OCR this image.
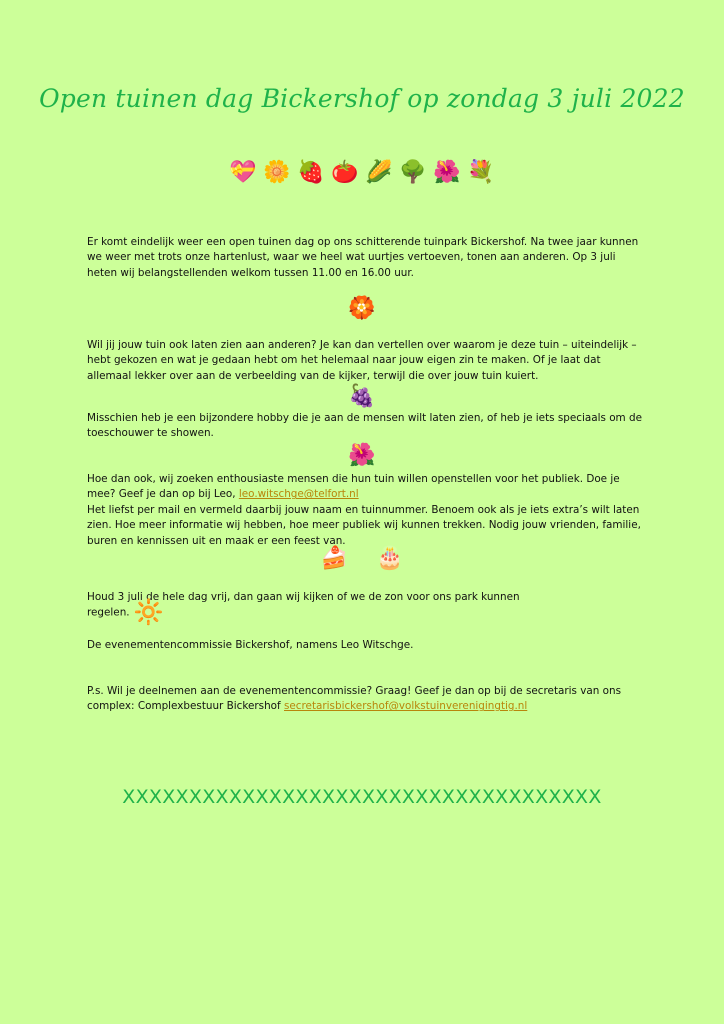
Open tuinen dag Bickershof op zondag 3 juli 2022
💝 🌼 🍓 🍅 🌽 🌳 🌺 💐
Er komt eindelijk weer een open tuinen dag op ons schitterende tuinpark Bickershof. Na twee jaar kunnen we weer met trots onze hartenlust, waar we heel wat uurtjes vertoeven, tonen aan anderen. Op 3 juli heten wij belangstellenden welkom tussen 11.00 en 16.00 uur.
🏵️
Wil jij jouw tuin ook laten zien aan anderen? Je kan dan vertellen over waarom je deze tuin – uiteindelijk – hebt gekozen en wat je gedaan hebt om het helemaal naar jouw eigen zin te maken. Of je laat dat allemaal lekker over aan de verbeelding van de kijker, terwijl die over jouw tuin kuiert.
🍇
Misschien heb je een bijzondere hobby die je aan de mensen wilt laten zien, of heb je iets speciaals om de toeschouwer te showen.
🌺
Hoe dan ook, wij zoeken enthousiaste mensen die hun tuin willen openstellen voor het publiek. Doe je mee? Geef je dan op bij Leo, leo.witschge@telfort.nl
Het liefst per mail en vermeld daarbij jouw naam en tuinnummer. Benoem ook als je iets extra’s wilt laten zien. Hoe meer informatie wij hebben, hoe meer publiek wij kunnen trekken. Nodig jouw vrienden, familie, buren en kennissen uit en maak er een feest van.
🍰 🎂
Houd 3 juli de hele dag vrij, dan gaan wij kijken of we de zon voor ons park kunnen regelen. 🔆
De evenementencommissie Bickershof, namens Leo Witschge.
P.s. Wil je deelnemen aan de evenementencommissie? Graag! Geef je dan op bij de secretaris van ons complex: Complexbestuur Bickershof secretarisbickershof@volkstuinverenigingtig.nl
XXXXXXXXXXXXXXXXXXXXXXXXXXXXXXXXXXXX
